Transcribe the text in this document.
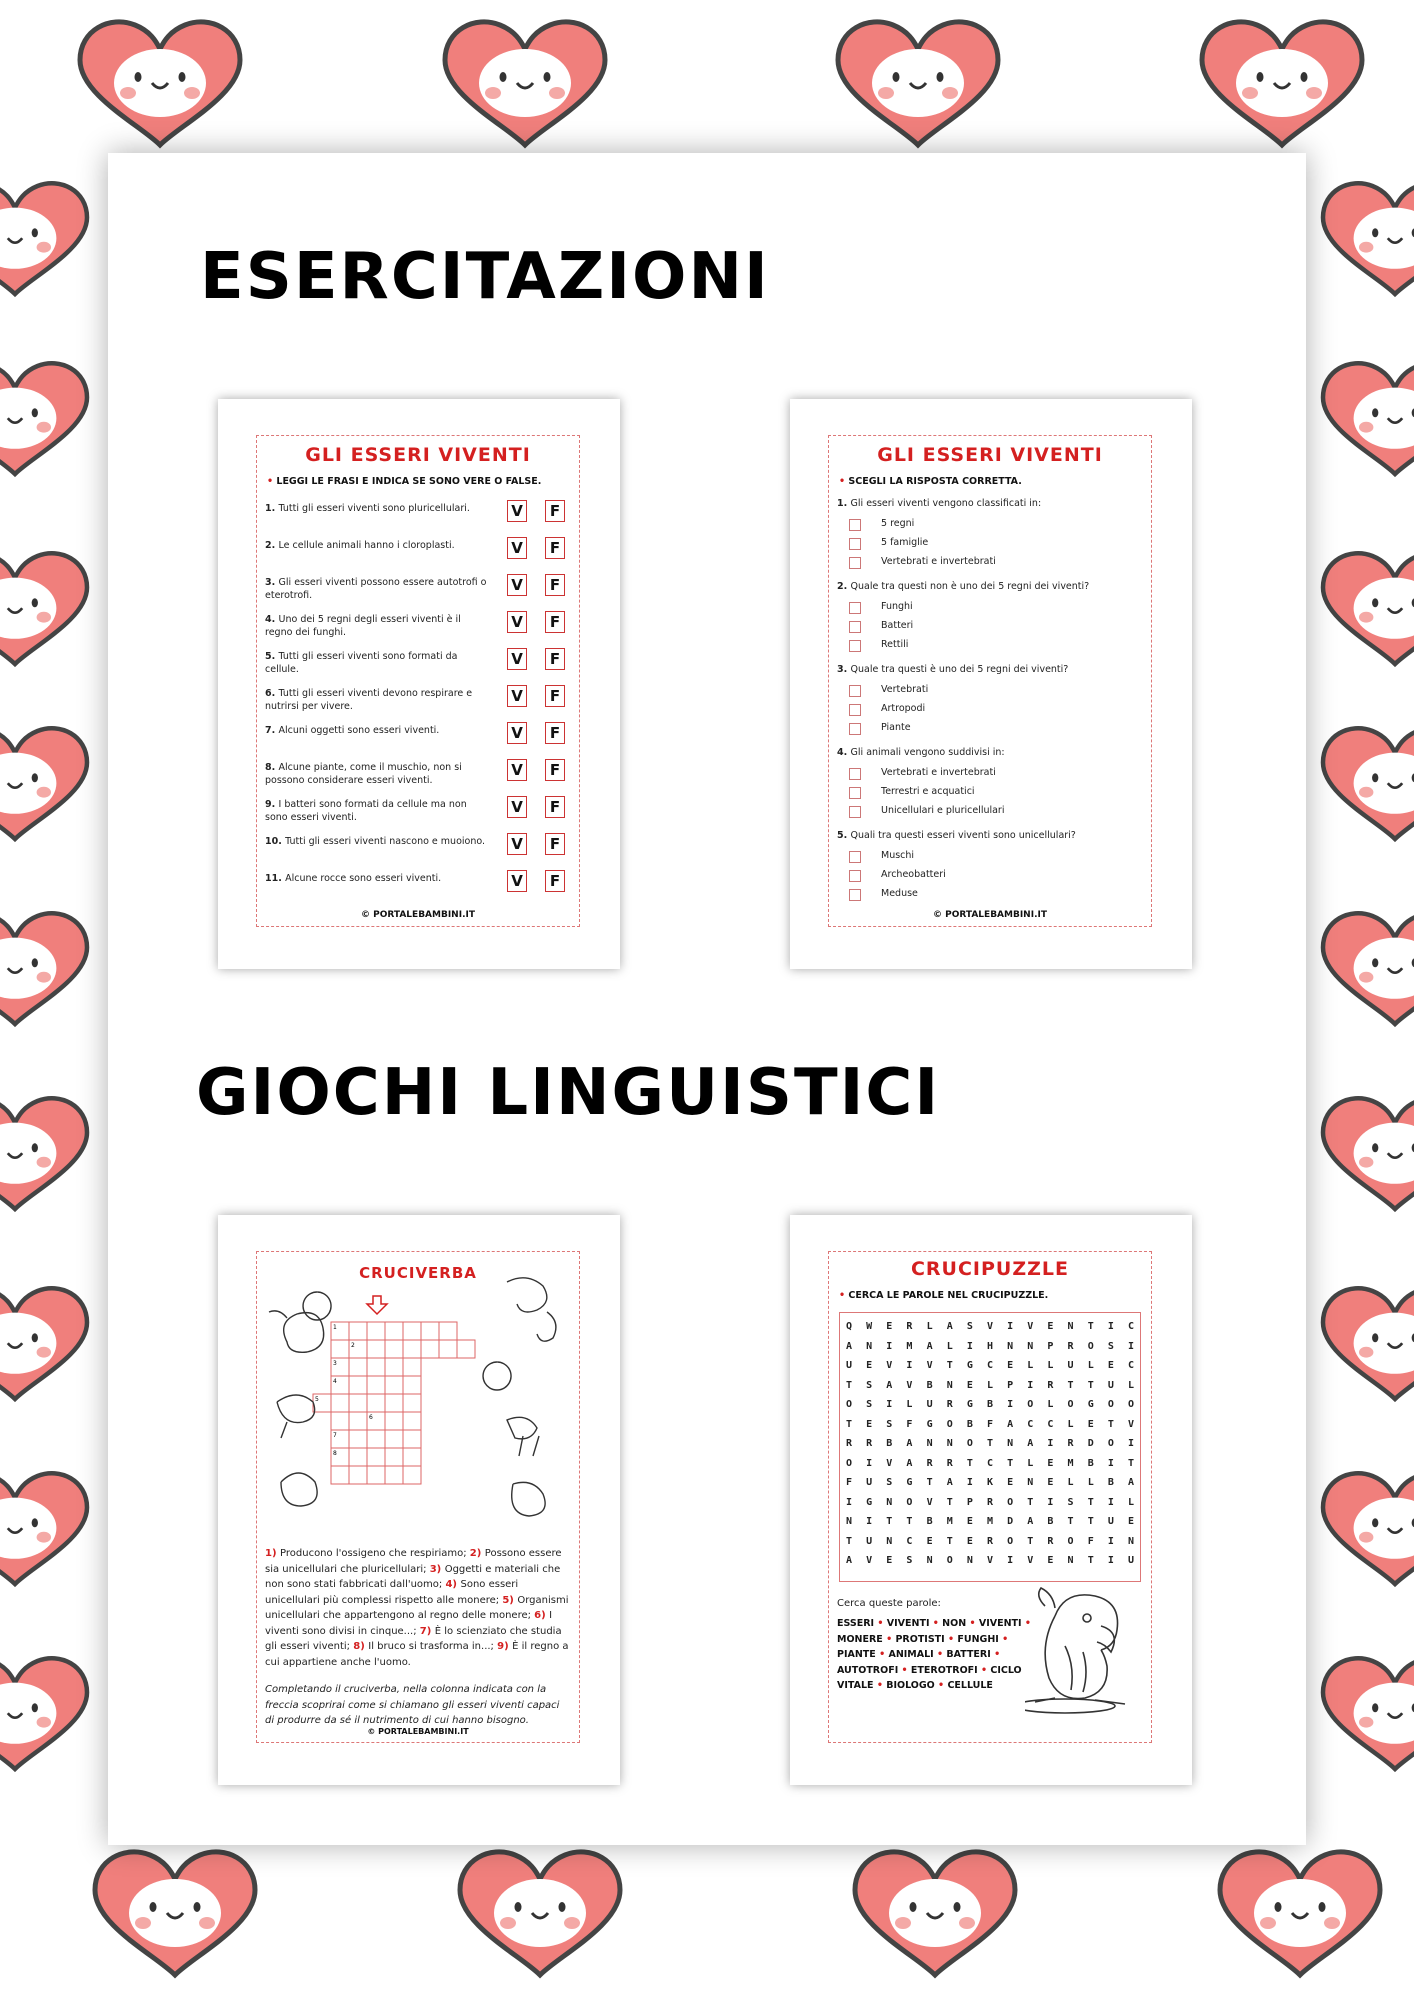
ESERCITAZIONI
GLI ESSERI VIVENTI
• LEGGI LE FRASI E INDICA SE SONO VERE O FALSE.
1. Tutti gli esseri viventi sono pluricellulari.	V	F
2. Le cellule animali hanno i cloroplasti.	V	F
3. Gli esseri viventi possono essere autotrofi o eterotrofi.
V	F
4. Uno dei 5 regni degli esseri viventi è il regno dei funghi.
V	F
5. Tutti gli esseri viventi sono formati da cellule.
V	F
6. Tutti gli esseri viventi devono respirare e nutrirsi per vivere.
V	F
7. Alcuni oggetti sono esseri viventi.	V	F
8. Alcune piante, come il muschio, non si possono considerare esseri viventi.
V	F
9. I batteri sono formati da cellule ma non sono esseri viventi.
V	F
10. Tutti gli esseri viventi nascono e muoiono. V	F
11. Alcune rocce sono esseri viventi.	V	F
© PORTALEBAMBINI.IT
GLI ESSERI VIVENTI
• SCEGLI LA RISPOSTA CORRETTA.
1. Gli esseri viventi vengono classificati in:
5 regni
5 famiglie
Vertebrati e invertebrati
2. Quale tra questi non è uno dei 5 regni dei viventi?
Funghi
Batteri
Rettili
3. Quale tra questi è uno dei 5 regni dei viventi?
Vertebrati
Artropodi
Piante
4. Gli animali vengono suddivisi in:
Vertebrati e invertebrati
Terrestri e acquatici
Unicellulari e pluricellulari
5. Quali tra questi esseri viventi sono unicellulari?
Muschi
Archeobatteri
Meduse
© PORTALEBAMBINI.IT
GIOCHI LINGUISTICI
CRUCIVERBA
1
2
3
4
5
6
7
8
1) Producono l'ossigeno che respiriamo; 2) Possono essere sia unicellulari che pluricellulari; 3) Oggetti e materiali che non sono stati fabbricati dall'uomo; 4) Sono esseri unicellulari più complessi rispetto alle monere; 5) Organismi unicellulari che appartengono al regno delle monere; 6) I viventi sono divisi in cinque...; 7) È lo scienziato che studia gli esseri viventi; 8) Il bruco si trasforma in...; 9) È il regno a cui appartiene anche l'uomo.
Completando il cruciverba, nella colonna indicata con la freccia scoprirai come si chiamano gli esseri viventi capaci di produrre da sé il nutrimento di cui hanno bisogno.
© PORTALEBAMBINI.IT
CRUCIPUZZLE
• CERCA LE PAROLE NEL CRUCIPUZZLE.
Q W E R L A S V I V E N T I C
A N I M A L I H N N P R O S I
U E V I V T G C E L L U L E C
T S A V B N E L P I R T T U L
O S I L U R G B I O L O G O O
T E S F G O B F A C C L E T V
R R B A N N O T N A I R D O I
O I V A R R T C T L E M B I T
F U S G T A I K E N E L L B A
I G N O V T P R O T I S T I L
N I T T B M E M D A B T T U E
T U N C E T E R O T R O F I N
A V E S N O N V I V E N T I U
Cerca queste parole:
ESSERI • VIVENTI • NON • VIVENTI • MONERE • PROTISTI • FUNGHI • PIANTE • ANIMALI • BATTERI • AUTOTROFI • ETEROTROFI • CICLO VITALE • BIOLOGO • CELLULE
